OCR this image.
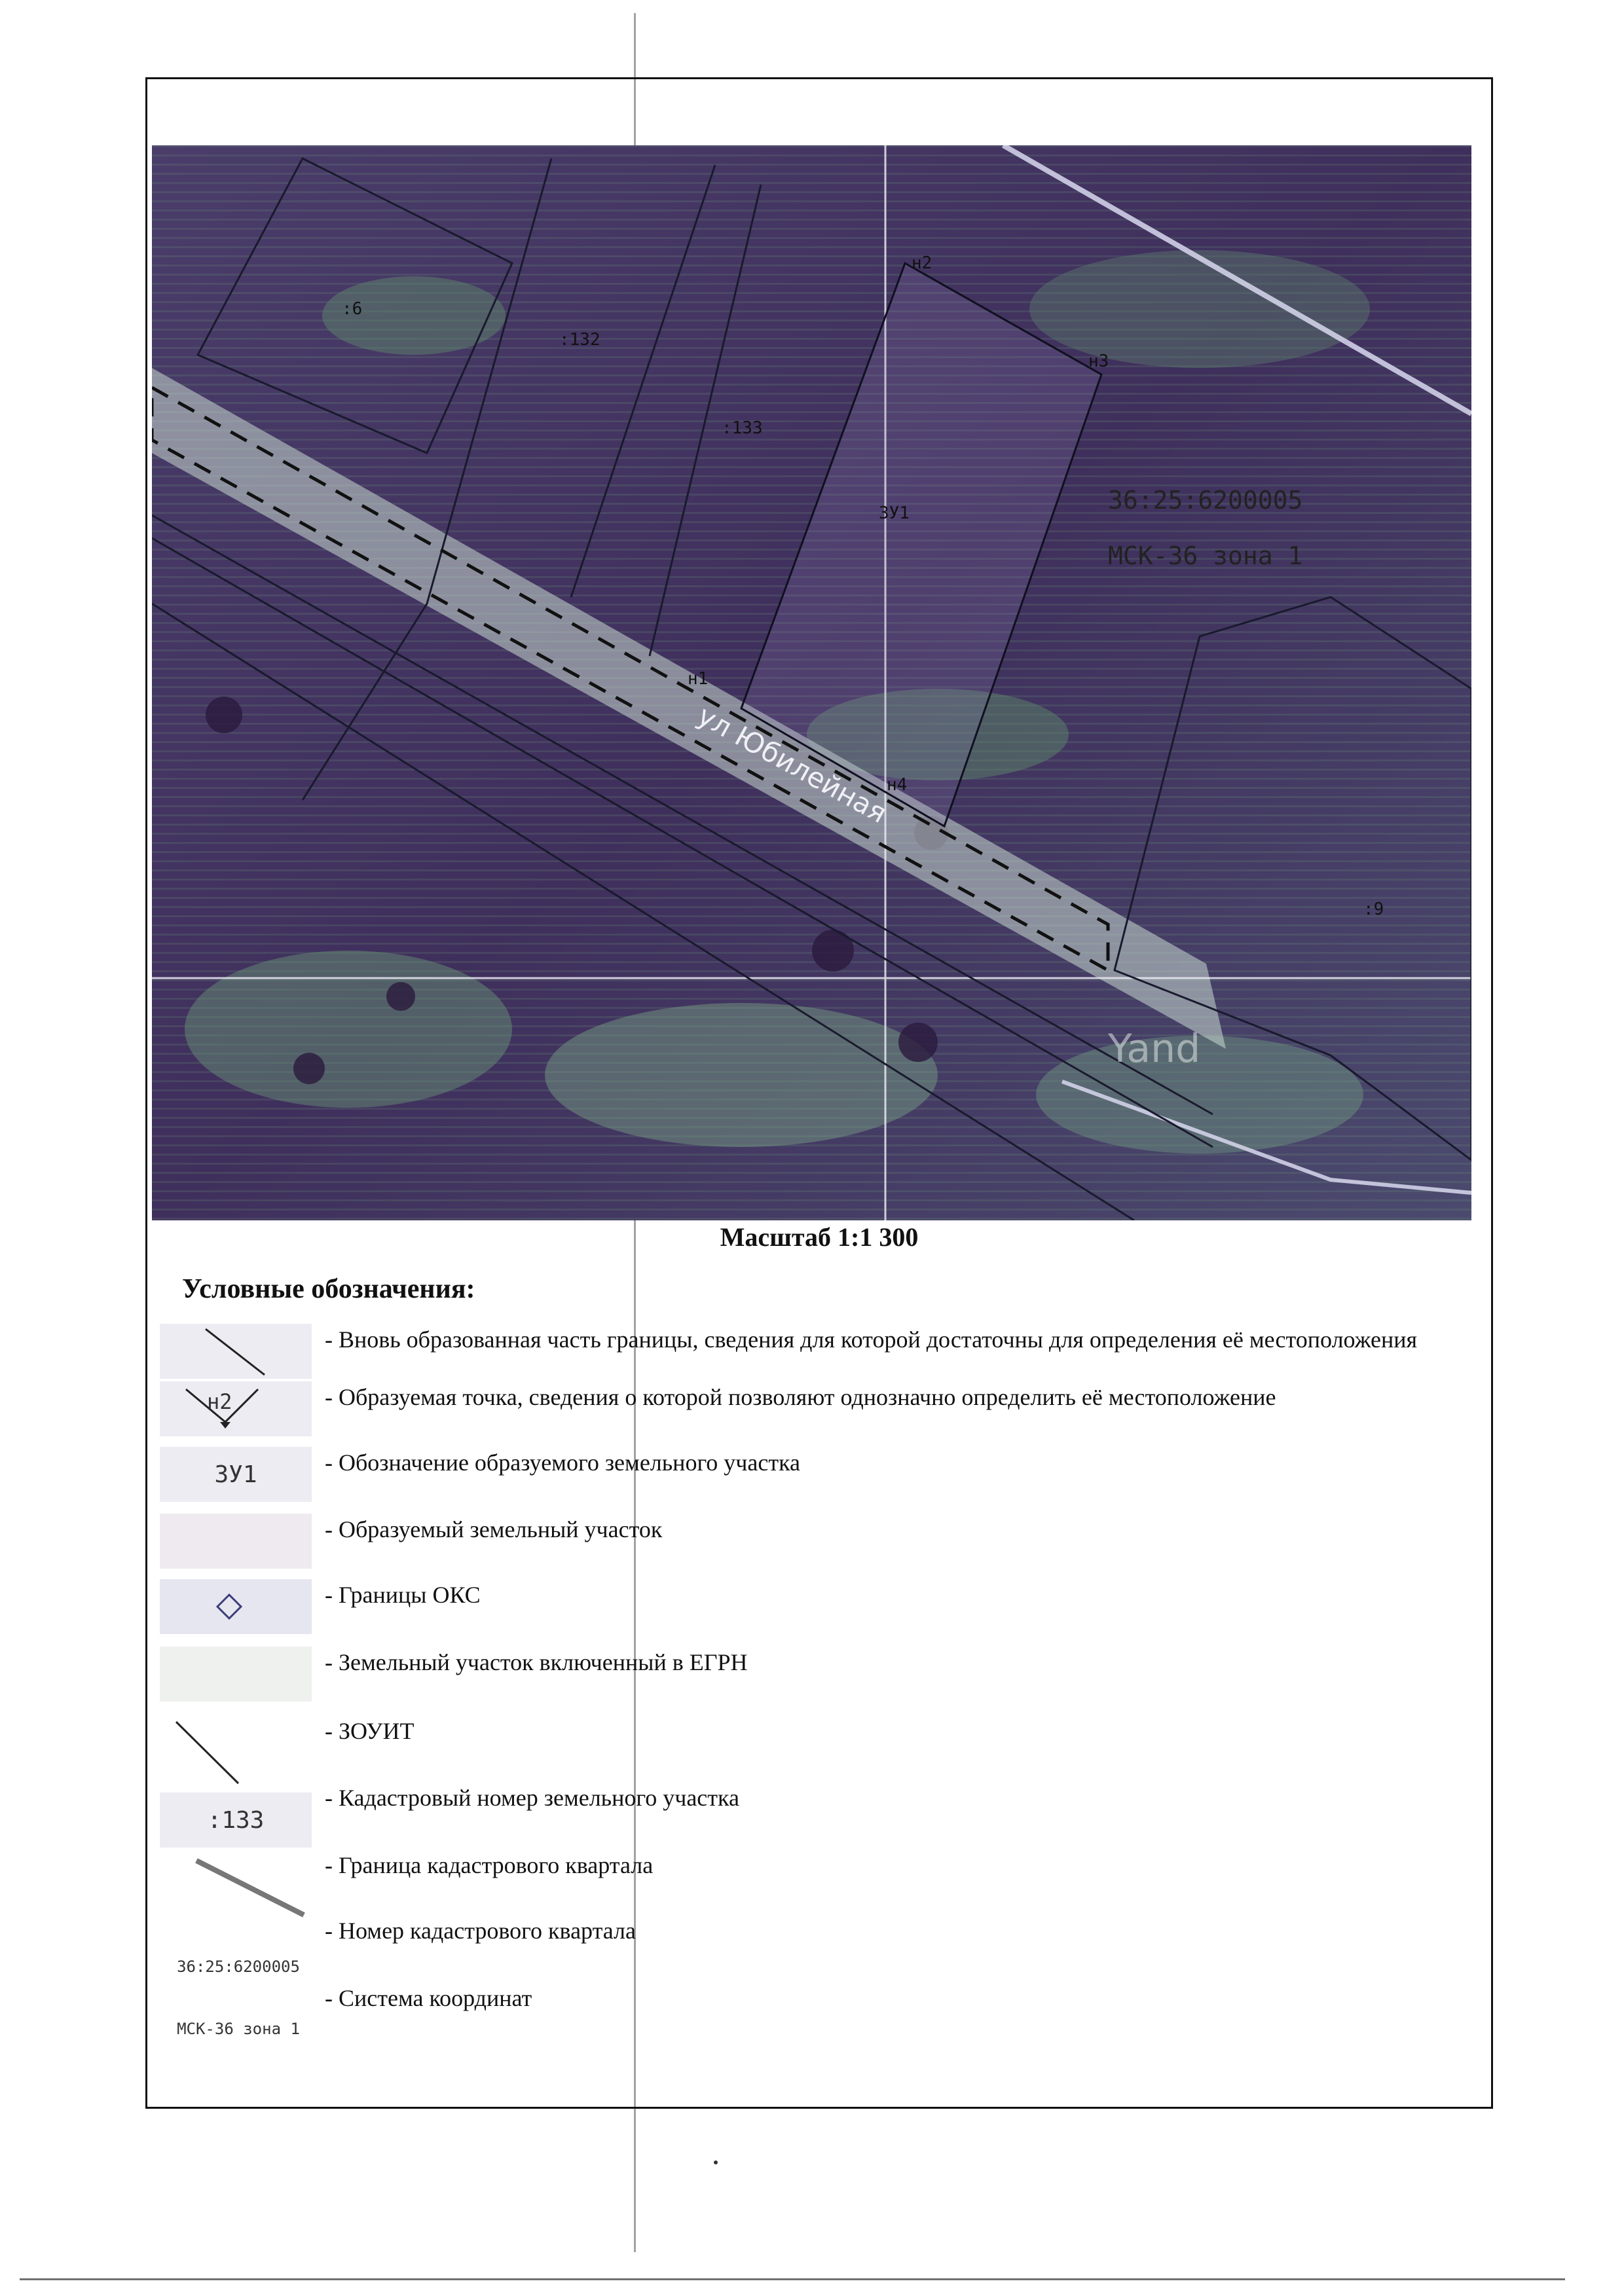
:6
:132
:133
ЗУ1
:9
н1
н2
н3
н4
36:25:6200005
МСК-36 зона 1
ул Юбилейная
Yand
Масштаб 1:1 300
Условные обозначения:
- Вновь образованная часть границы, сведения для которой достаточны для определения её местоположения
н2	- Образуемая точка, сведения о которой позволяют однозначно определить её местоположение
ЗУ1	- Обозначение образуемого земельного участка
- Образуемый земельный участок
- Границы ОКС
- Земельный участок включенный в ЕГРН
- ЗОУИТ
:133
- Кадастровый номер земельного участка
- Граница кадастрового квартала
36:25:6200005
- Номер кадастрового квартала
МСК-36 зона 1
- Система координат
